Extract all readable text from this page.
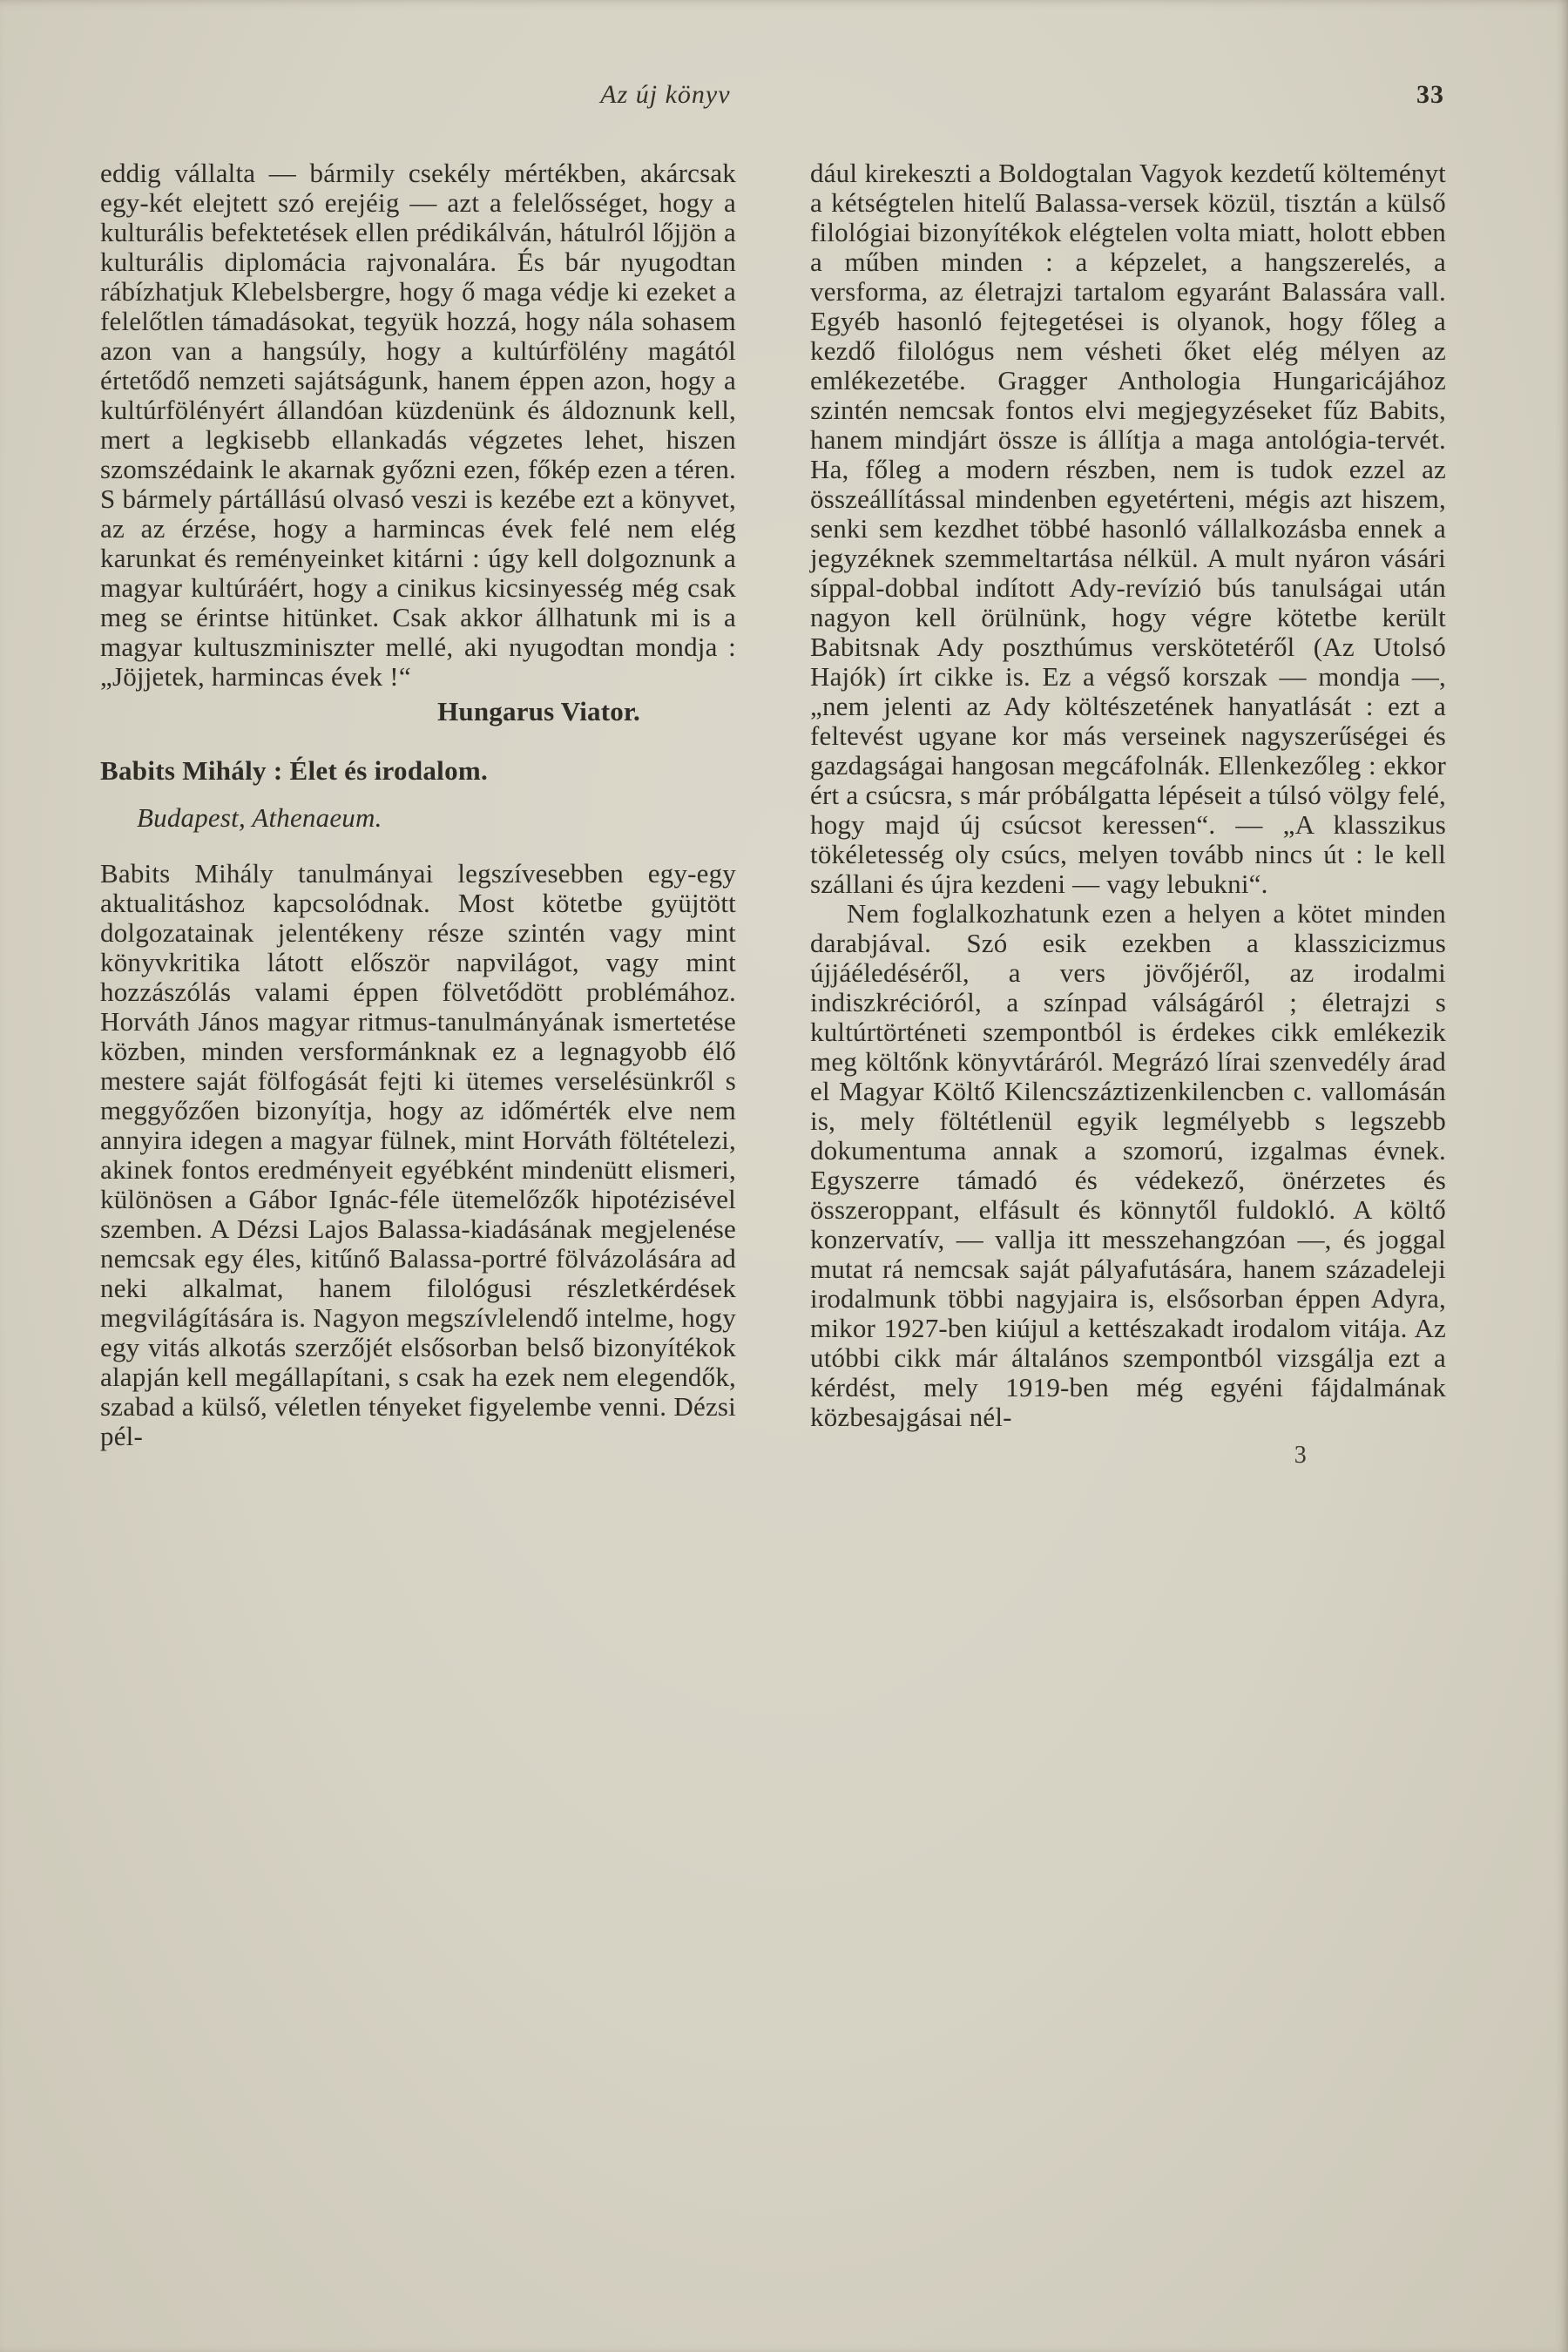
Az új könyv	33

eddig vállalta — bármily csekély mértékben, akárcsak egy-két elejtett szó erejéig — azt a felelősséget, hogy a kulturális befektetések ellen prédikálván, hátulról lőjjön a kulturális diplomácia rajvonalára. És bár nyugodtan rábízhatjuk Klebelsbergre, hogy ő maga védje ki ezeket a felelőtlen támadásokat, tegyük hozzá, hogy nála sohasem azon van a hangsúly, hogy a kultúrfölény magától értetődő nemzeti sajátságunk, hanem éppen azon, hogy a kultúrfölényért állandóan küzdenünk és áldoznunk kell, mert a legkisebb ellankadás végzetes lehet, hiszen szomszédaink le akarnak győzni ezen, főkép ezen a téren. S bármely pártállású olvasó veszi is kezébe ezt a könyvet, az az érzése, hogy a harmincas évek felé nem elég karunkat és reményeinket kitárni : úgy kell dolgoznunk a magyar kultúráért, hogy a cinikus kicsinyesség még csak meg se érintse hitünket. Csak akkor állhatunk mi is a magyar kultuszminiszter mellé, aki nyugodtan mondja : „Jöjjetek, harmincas évek !“

Hungarus Viator.

Babits Mihály : Élet és irodalom.

Budapest, Athenaeum.

Babits Mihály tanulmányai legszívesebben egy-egy aktualitáshoz kapcsolódnak. Most kötetbe gyüjtött dolgozatainak jelentékeny része szintén vagy mint könyvkritika látott először napvilágot, vagy mint hozzászólás valami éppen fölvetődött problémához. Horváth János magyar ritmus-tanulmányának ismertetése közben, minden versformánknak ez a legnagyobb élő mestere saját fölfogását fejti ki ütemes verselésünkről s meggyőzően bizonyítja, hogy az időmérték elve nem annyira idegen a magyar fülnek, mint Horváth föltételezi, akinek fontos eredményeit egyébként mindenütt elismeri, különösen a Gábor Ignác-féle ütemelőzők hipotézisével szemben. A Dézsi Lajos Balassa-kiadásának megjelenése nemcsak egy éles, kitűnő Balassa-portré fölvázolására ad neki alkalmat, hanem filológusi részletkérdések megvilágítására is. Nagyon megszívlelendő intelme, hogy egy vitás alkotás szerzőjét elsősorban belső bizonyítékok alapján kell megállapítani, s csak ha ezek nem elegendők, szabad a külső, véletlen tényeket figyelembe venni. Dézsi pél-

dául kirekeszti a Boldogtalan Vagyok kezdetű költeményt a kétségtelen hitelű Balassa-versek közül, tisztán a külső filológiai bizonyítékok elégtelen volta miatt, holott ebben a műben minden : a képzelet, a hangszerelés, a versforma, az életrajzi tartalom egyaránt Balassára vall. Egyéb hasonló fejtegetései is olyanok, hogy főleg a kezdő filológus nem vésheti őket elég mélyen az emlékezetébe. Gragger Anthologia Hungaricájához szintén nemcsak fontos elvi megjegyzéseket fűz Babits, hanem mindjárt össze is állítja a maga antológia-tervét. Ha, főleg a modern részben, nem is tudok ezzel az összeállítással mindenben egyetérteni, mégis azt hiszem, senki sem kezdhet többé hasonló vállalkozásba ennek a jegyzéknek szemmeltartása nélkül. A mult nyáron vásári síppal-dobbal indított Ady-revízió bús tanulságai után nagyon kell örülnünk, hogy végre kötetbe került Babitsnak Ady poszthúmus verskötetéről (Az Utolsó Hajók) írt cikke is. Ez a végső korszak — mondja —, „nem jelenti az Ady költészetének hanyatlását : ezt a feltevést ugyane kor más verseinek nagyszerűségei és gazdagságai hangosan megcáfolnák. Ellenkezőleg : ekkor ért a csúcsra, s már próbálgatta lépéseit a túlsó völgy felé, hogy majd új csúcsot keressen“. — „A klasszikus tökéletesség oly csúcs, melyen tovább nincs út : le kell szállani és újra kezdeni — vagy lebukni“.

Nem foglalkozhatunk ezen a helyen a kötet minden darabjával. Szó esik ezekben a klasszicizmus újjáéledéséről, a vers jövőjéről, az irodalmi indiszkrécióról, a színpad válságáról ; életrajzi s kultúrtörténeti szempontból is érdekes cikk emlékezik meg költőnk könyvtáráról. Megrázó lírai szenvedély árad el Magyar Költő Kilencszáztizenkilencben c. vallomásán is, mely föltétlenül egyik legmélyebb s legszebb dokumentuma annak a szomorú, izgalmas évnek. Egyszerre támadó és védekező, önérzetes és összeroppant, elfásult és könnytől fuldokló. A költő konzervatív, — vallja itt messzehangzóan —, és joggal mutat rá nemcsak saját pályafutására, hanem századeleji irodalmunk többi nagyjaira is, elsősorban éppen Adyra, mikor 1927-ben kiújul a kettészakadt irodalom vitája. Az utóbbi cikk már általános szempontból vizsgálja ezt a kérdést, mely 1919-ben még egyéni fájdalmának közbesajgásai nél-

3
